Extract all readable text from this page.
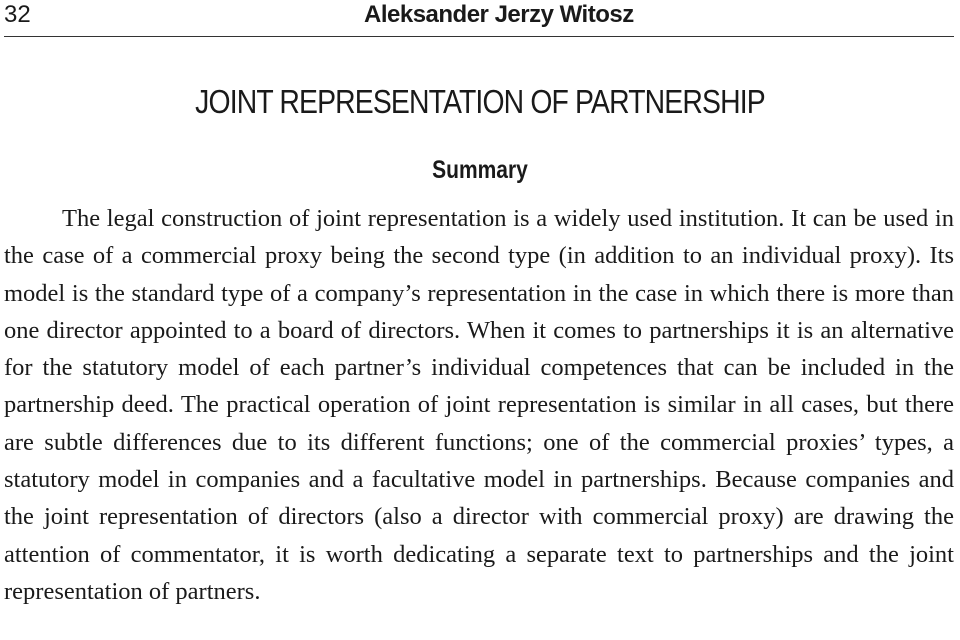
32	Aleksander Jerzy Witosz
JOINT REPRESENTATION OF PARTNERSHIP
Summary

The legal construction of joint representation is a widely used institution. It can be used in the case of a commercial proxy being the second type (in addition to an individual proxy). Its model is the standard type of a company’s representation in the case in which there is more than one director appointed to a board of directors. When it comes to partnerships it is an alternative for the statutory model of each partner’s individual competences that can be included in the partnership deed. The practical operation of joint representation is similar in all cases, but there are subtle differences due to its different functions; one of the commercial proxies’ types, a statutory model in companies and a facultative model in partnerships. Because companies and the joint representation of directors (also a director with commercial proxy) are drawing the attention of commentator, it is worth dedicating a separate text to partnerships and the joint representation of partners.
